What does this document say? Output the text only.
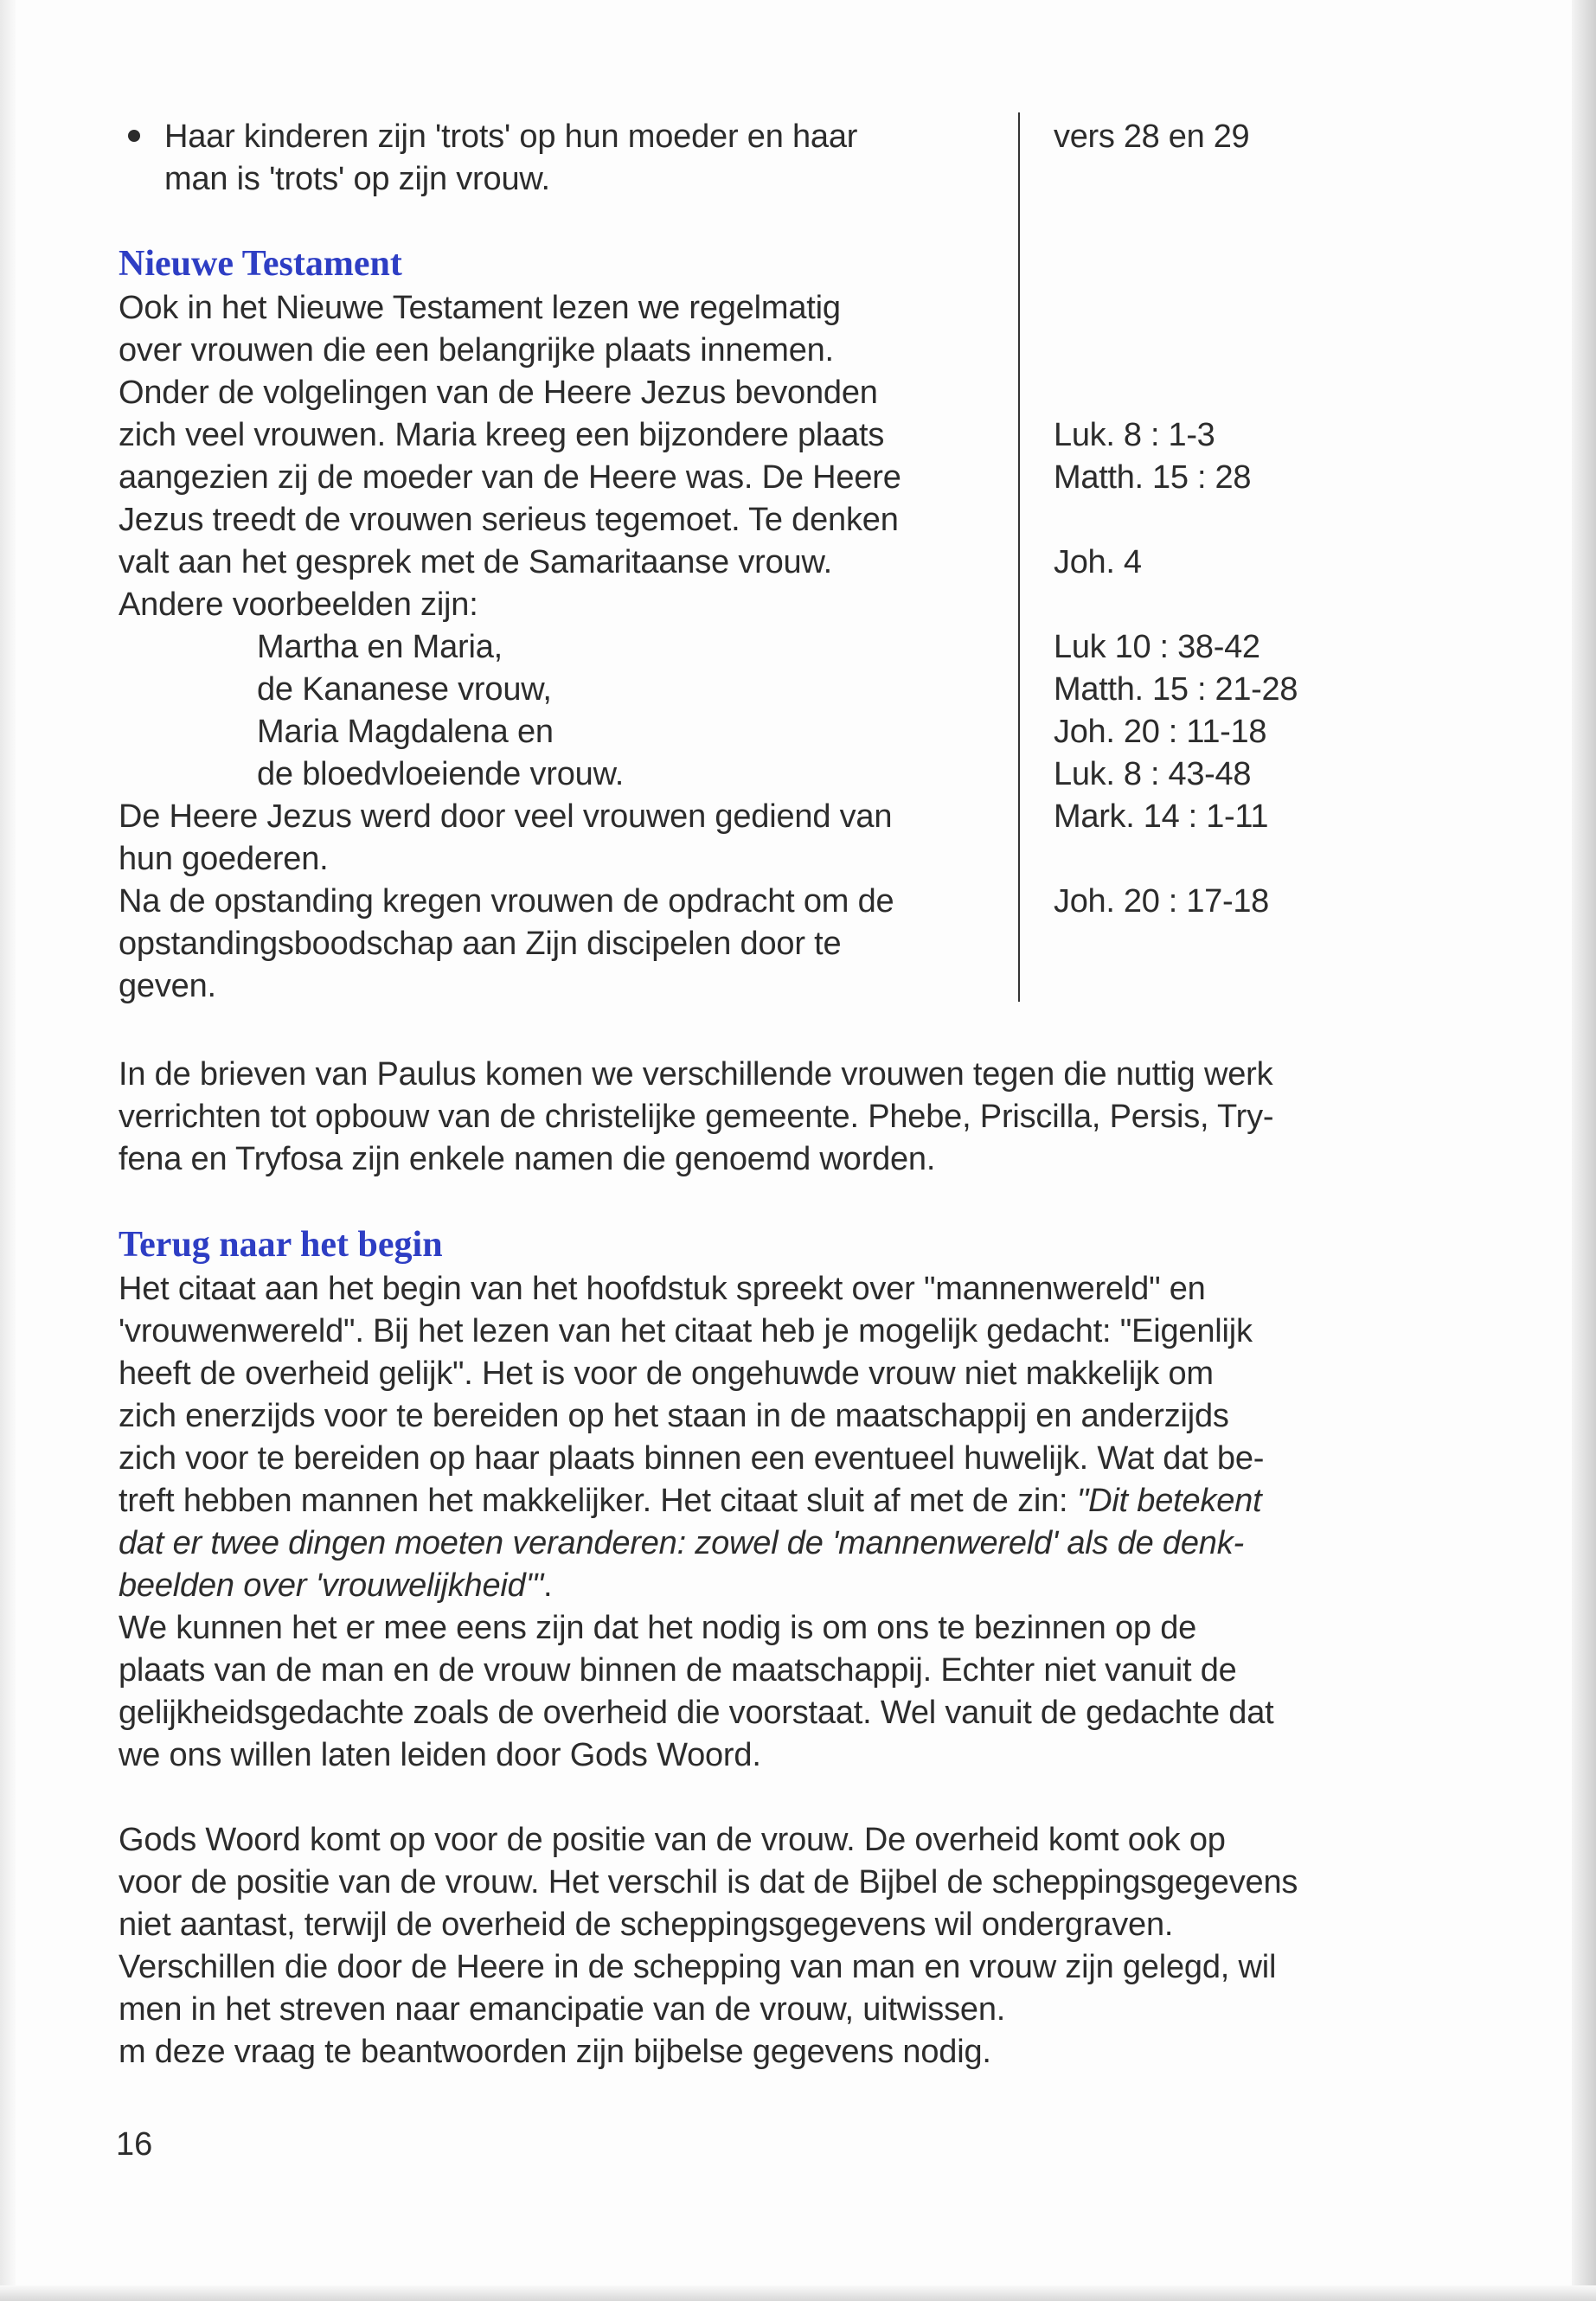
Haar kinderen zijn 'trots' op hun moeder en haar
man is 'trots' op zijn vrouw.
vers 28 en 29
Nieuwe Testament
Ook in het Nieuwe Testament lezen we regelmatig
over vrouwen die een belangrijke plaats innemen.
Onder de volgelingen van de Heere Jezus bevonden
zich veel vrouwen. Maria kreeg een bijzondere plaats
aangezien zij de moeder van de Heere was. De Heere
Jezus treedt de vrouwen serieus tegemoet. Te denken
valt aan het gesprek met de Samaritaanse vrouw.
Andere voorbeelden zijn:
Martha en Maria,
de Kananese vrouw,
Maria Magdalena en
de bloedvloeiende vrouw.
De Heere Jezus werd door veel vrouwen gediend van
hun goederen.
Na de opstanding kregen vrouwen de opdracht om de
opstandingsboodschap aan Zijn discipelen door te
geven.
Luk. 8 : 1-3
Matth. 15 : 28
Joh. 4
Luk 10 : 38-42
Matth. 15 : 21-28
Joh. 20 : 11-18
Luk. 8 : 43-48
Mark. 14 : 1-11
Joh. 20 : 17-18
In de brieven van Paulus komen we verschillende vrouwen tegen die nuttig werk
verrichten tot opbouw van de christelijke gemeente. Phebe, Priscilla, Persis, Try-
fena en Tryfosa zijn enkele namen die genoemd worden.
Terug naar het begin
Het citaat aan het begin van het hoofdstuk spreekt over "mannenwereld" en
'vrouwenwereld". Bij het lezen van het citaat heb je mogelijk gedacht: "Eigenlijk
heeft de overheid gelijk". Het is voor de ongehuwde vrouw niet makkelijk om
zich enerzijds voor te bereiden op het staan in de maatschappij en anderzijds
zich voor te bereiden op haar plaats binnen een eventueel huwelijk. Wat dat be-
treft hebben mannen het makkelijker. Het citaat sluit af met de zin: "Dit betekent
dat er twee dingen moeten veranderen: zowel de 'mannenwereld' als de denk-
beelden over 'vrouwelijkheid'".
We kunnen het er mee eens zijn dat het nodig is om ons te bezinnen op de
plaats van de man en de vrouw binnen de maatschappij. Echter niet vanuit de
gelijkheidsgedachte zoals de overheid die voorstaat. Wel vanuit de gedachte dat
we ons willen laten leiden door Gods Woord.
Gods Woord komt op voor de positie van de vrouw. De overheid komt ook op
voor de positie van de vrouw. Het verschil is dat de Bijbel de scheppingsgegevens
niet aantast, terwijl de overheid de scheppingsgegevens wil ondergraven.
Verschillen die door de Heere in de schepping van man en vrouw zijn gelegd, wil
men in het streven naar emancipatie van de vrouw, uitwissen.
m deze vraag te beantwoorden zijn bijbelse gegevens nodig.
16
